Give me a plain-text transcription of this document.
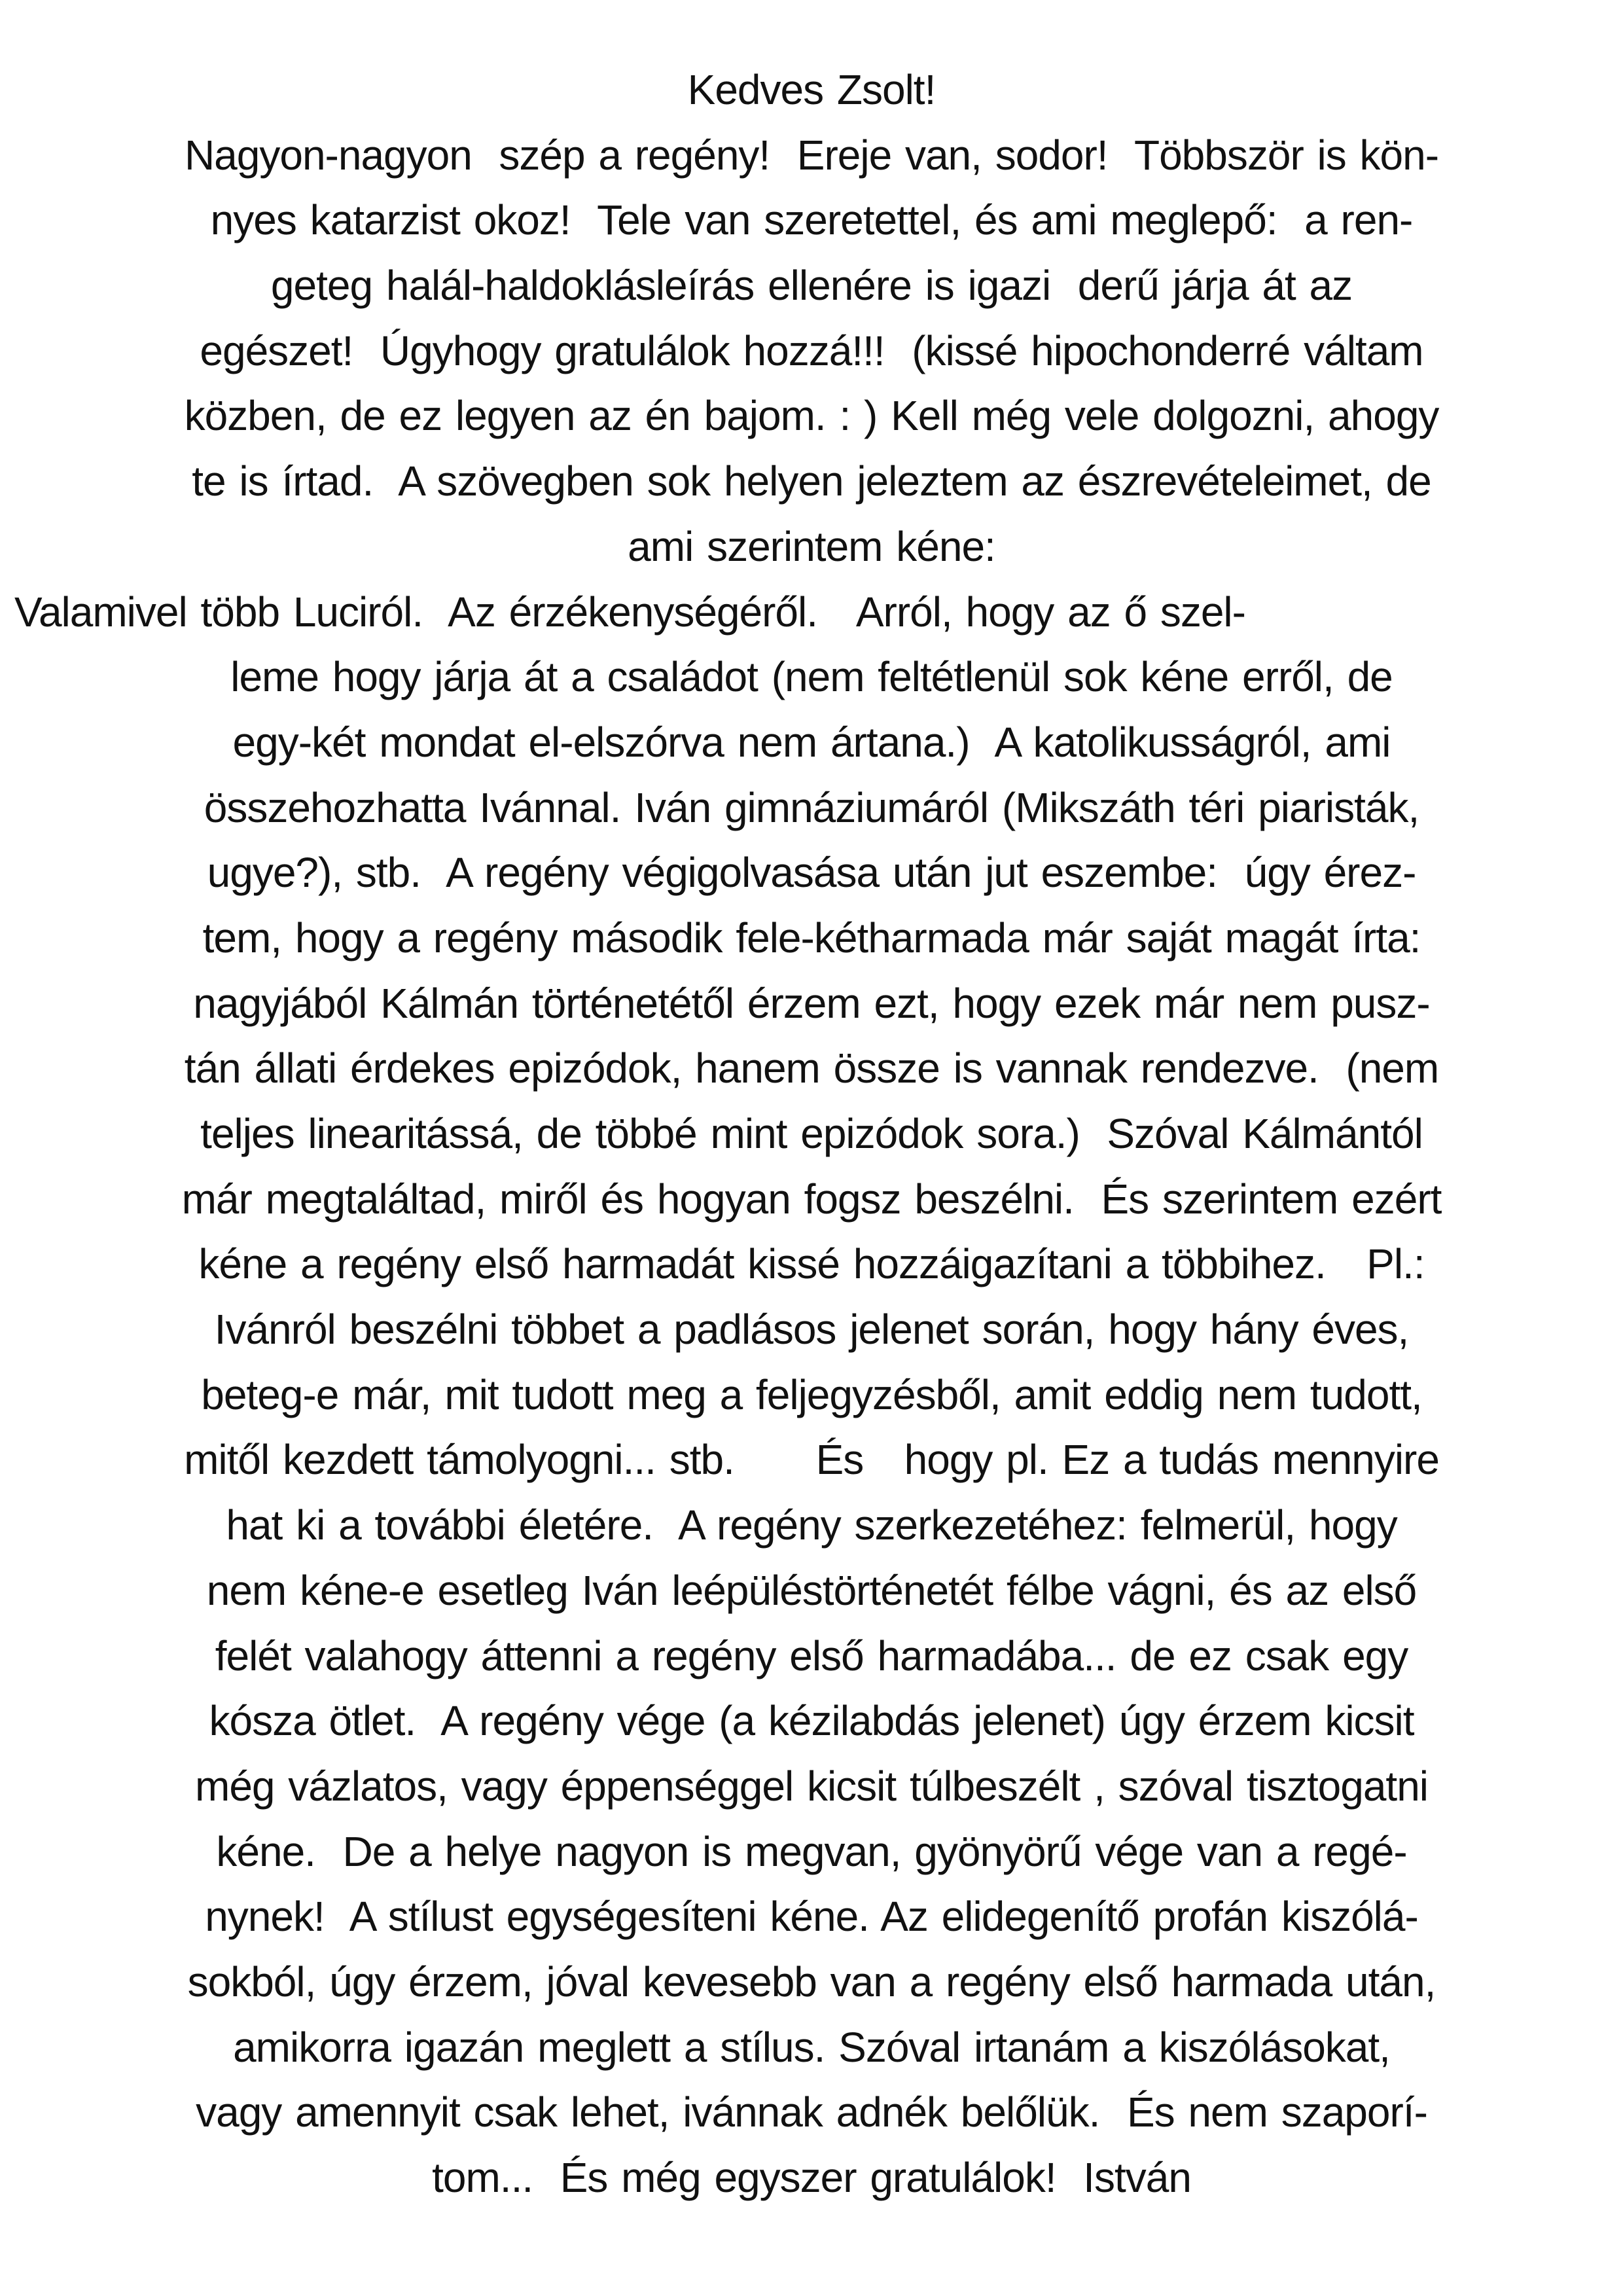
Kedves Zsolt!
Nagyon-nagyon  szép a regény!  Ereje van, sodor!  Többször is kön-
nyes katarzist okoz!  Tele van szeretettel, és ami meglepő:  a ren-
geteg halál-haldoklásleírás ellenére is igazi  derű járja át az
egészet!  Úgyhogy gratulálok hozzá!!!  (kissé hipochonderré váltam
közben, de ez legyen az én bajom. : ) Kell még vele dolgozni, ahogy
te is írtad.  A szövegben sok helyen jeleztem az észrevételeimet, de
ami szerintem kéne:
Valamivel több Luciról.  Az érzékenységéről.   Arról, hogy az ő szel-
leme hogy járja át a családot (nem feltétlenül sok kéne erről, de
egy-két mondat el-elszórva nem ártana.)  A katolikusságról, ami
összehozhatta Ivánnal. Iván gimnáziumáról (Mikszáth téri piaristák,
ugye?), stb.  A regény végigolvasása után jut eszembe:  úgy érez-
tem, hogy a regény második fele-kétharmada már saját magát írta:
nagyjából Kálmán történetétől érzem ezt, hogy ezek már nem pusz-
tán állati érdekes epizódok, hanem össze is vannak rendezve.  (nem
teljes linearitássá, de többé mint epizódok sora.)  Szóval Kálmántól
már megtaláltad, miről és hogyan fogsz beszélni.  És szerintem ezért
kéne a regény első harmadát kissé hozzáigazítani a többihez.   Pl.:
Ivánról beszélni többet a padlásos jelenet során, hogy hány éves,
beteg-e már, mit tudott meg a feljegyzésből, amit eddig nem tudott,
mitől kezdett támolyogni... stb.      És   hogy pl. Ez a tudás mennyire
hat ki a további életére.  A regény szerkezetéhez: felmerül, hogy
nem kéne-e esetleg Iván leépüléstörténetét félbe vágni, és az első
felét valahogy áttenni a regény első harmadába... de ez csak egy
kósza ötlet.  A regény vége (a kézilabdás jelenet) úgy érzem kicsit
még vázlatos, vagy éppenséggel kicsit túlbeszélt , szóval tisztogatni
kéne.  De a helye nagyon is megvan, gyönyörű vége van a regé-
nynek!  A stílust egységesíteni kéne. Az elidegenítő profán kiszólá-
sokból, úgy érzem, jóval kevesebb van a regény első harmada után,
amikorra igazán meglett a stílus. Szóval irtanám a kiszólásokat,
vagy amennyit csak lehet, ivánnak adnék belőlük.  És nem szaporí-
tom...  És még egyszer gratulálok!  István
